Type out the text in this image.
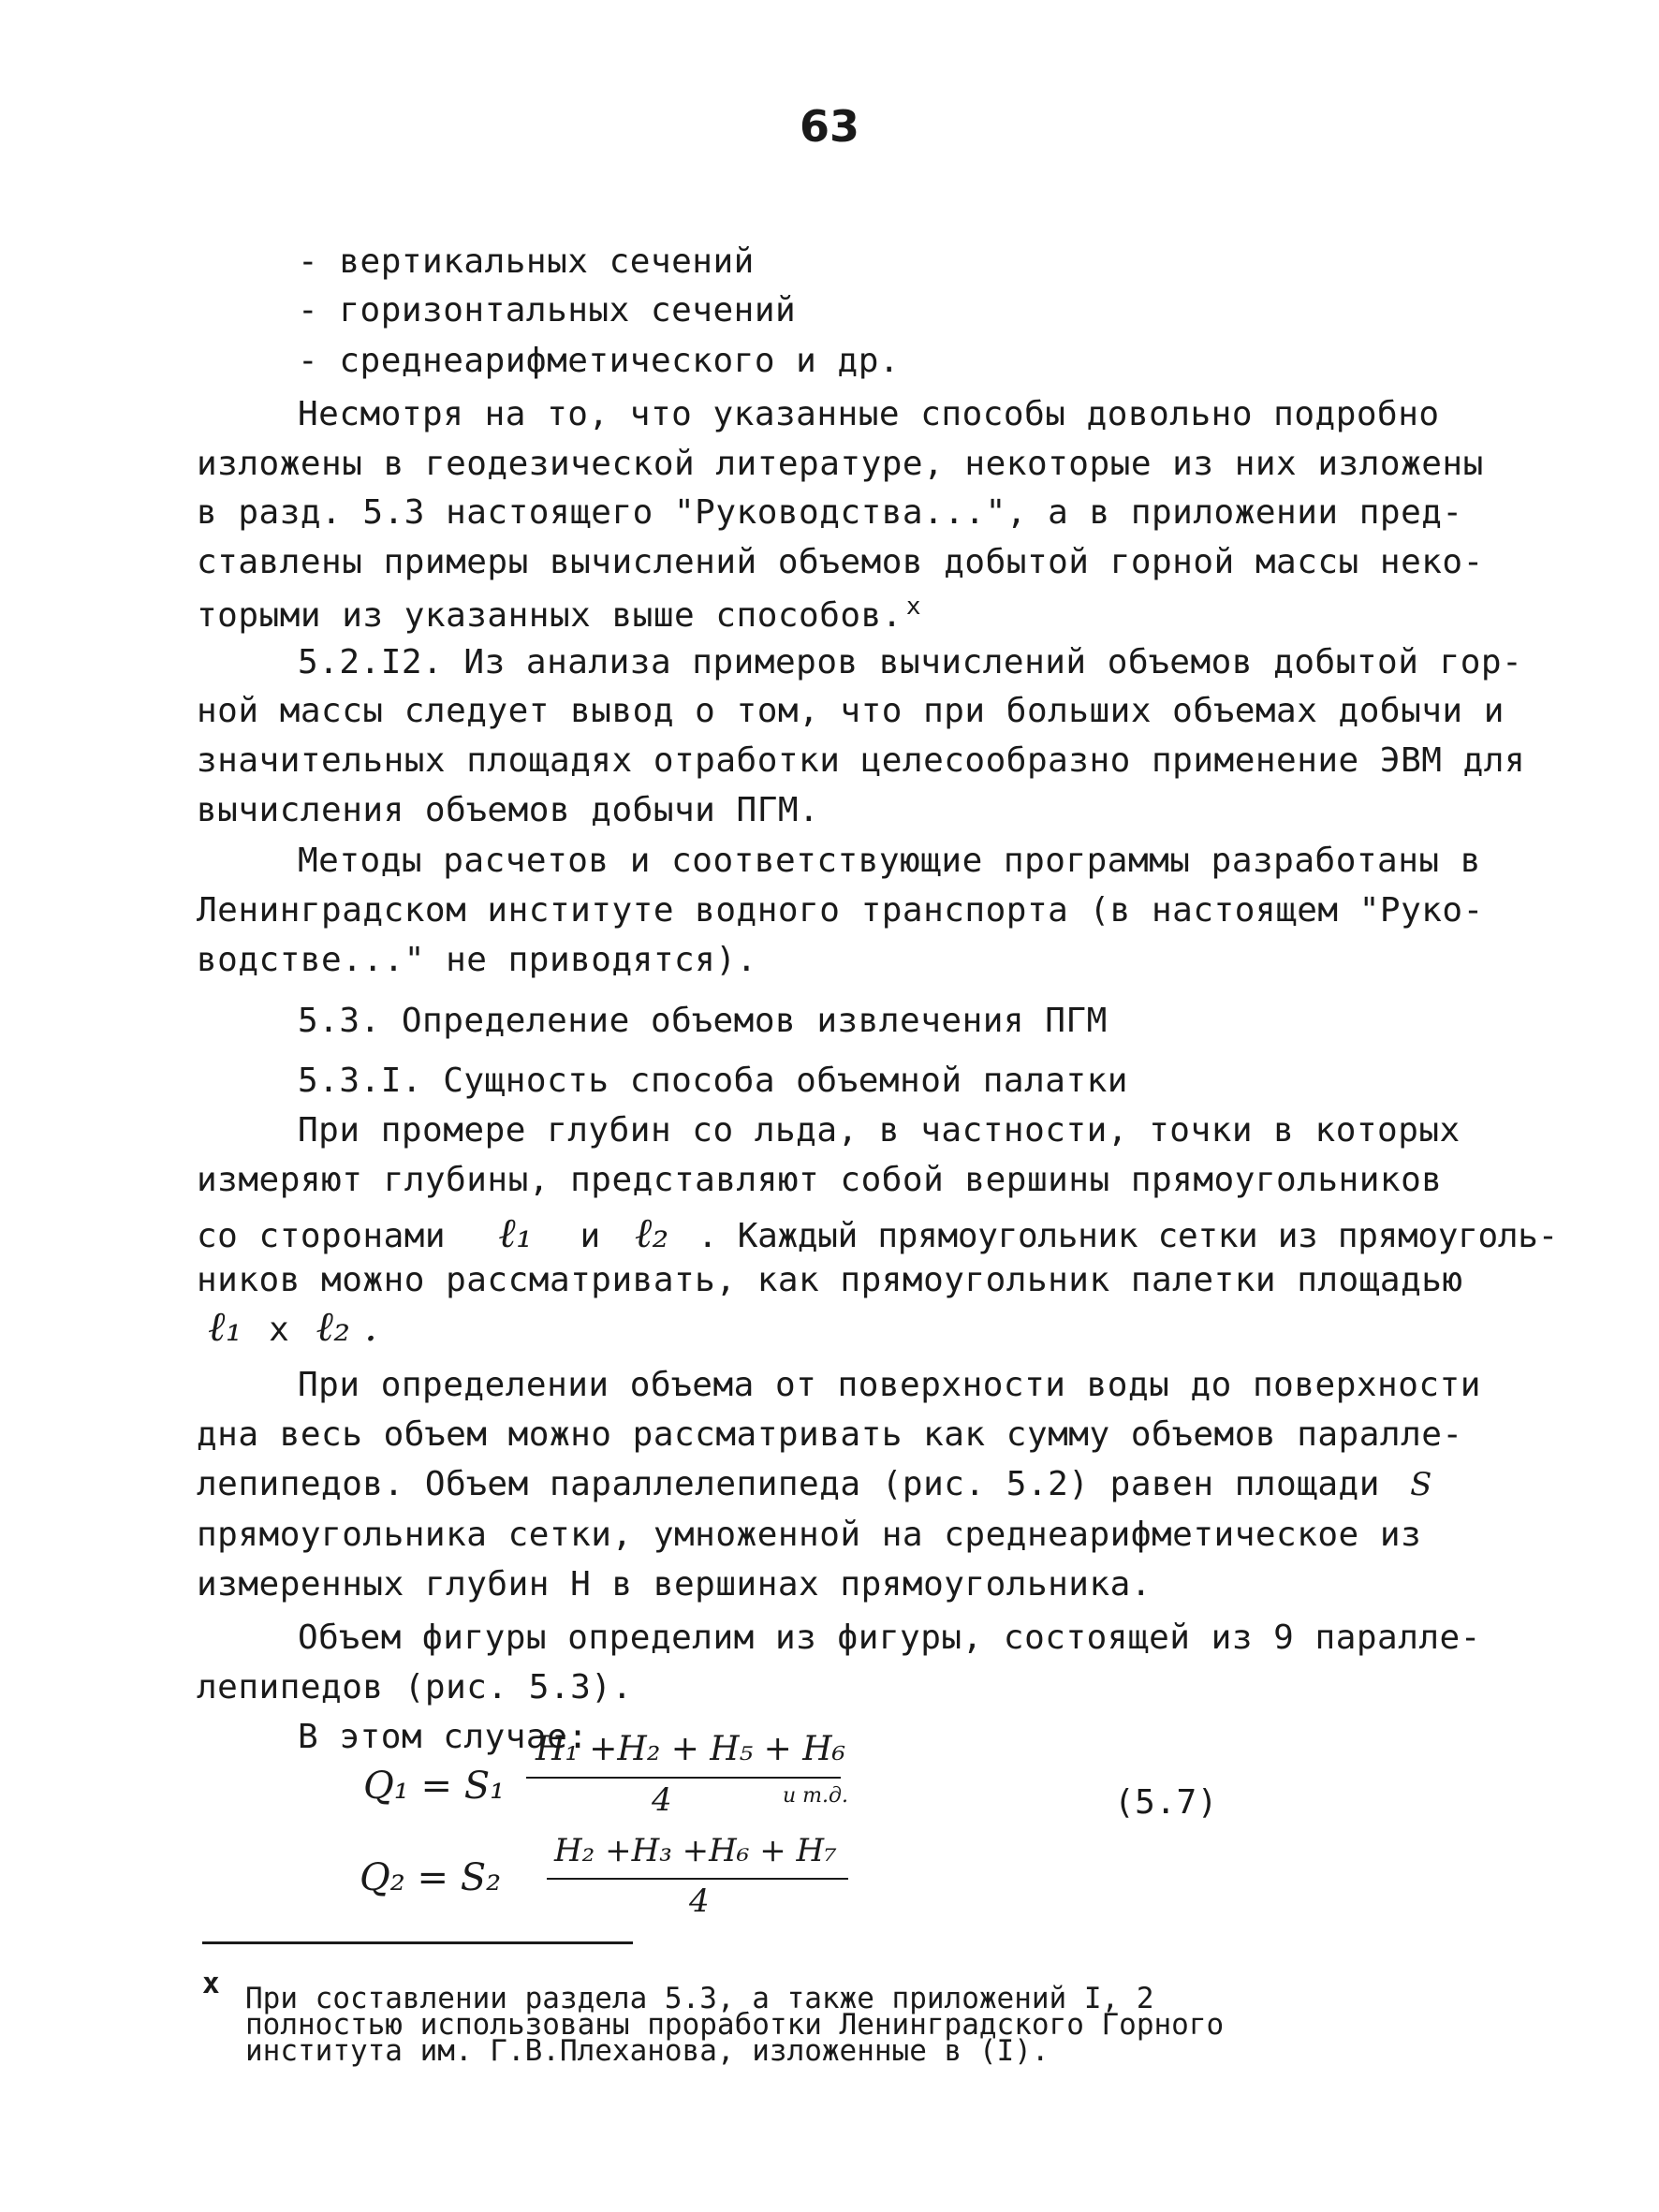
63
- вертикальных сечений
- горизонтальных сечений
- среднеарифметического и др.
Несмотря на то, что указанные способы довольно подробно
изложены в геодезической литературе, некоторые из них изложены
в разд. 5.3 настоящего "Руководства...", а в приложении пред-
ставлены примеры вычислений объемов добытой горной массы неко-
торыми из указанных выше способов. $^x$
5.2.I2. Из анализа примеров вычислений объемов добытой гор-
ной массы следует вывод о том, что при больших объемах добычи и
значительных площадях отработки целесообразно применение ЭВМ для
вычисления объемов добычи ПГМ.
Методы расчетов и соответствующие программы разработаны в
Ленинградском институте водного транспорта (в настоящем "Руко-
водстве..." не приводятся).
5.3. Определение объемов извлечения ПГМ
5.3.I. Сущность способа объемной палатки
При промере глубин со льда, в частности, точки в которых
измеряют глубины, представляют собой вершины прямоугольников
со сторонами ℓ₁ и ℓ₂ . Каждый прямоугольник сетки из прямоуголь-
ников можно рассматривать, как прямоугольник палетки площадью
ℓ₁ x ℓ₂ .
При определении объема от поверхности воды до поверхности
дна весь объем можно рассматривать как сумму объемов паралле-
лепипедов. Объем параллелепипеда (рис. 5.2) равен площади S
прямоугольника сетки, умноженной на среднеарифметическое из
измеренных глубин Н в вершинах прямоугольника.
Объем фигуры определим из фигуры, состоящей из 9 паралле-
лепипедов (рис. 5.3).
В этом случае:
Q₁ = S₁
H₁ +H₂ + H₅ + H₆
4	и т.д.	(5.7)
Q₂ = S₂
H₂ +H₃ +H₆ + H₇
4
x При составлении раздела 5.3, а также приложений I, 2
полностью использованы проработки Ленинградского Горного
института им. Г.В.Плеханова, изложенные в (I).
